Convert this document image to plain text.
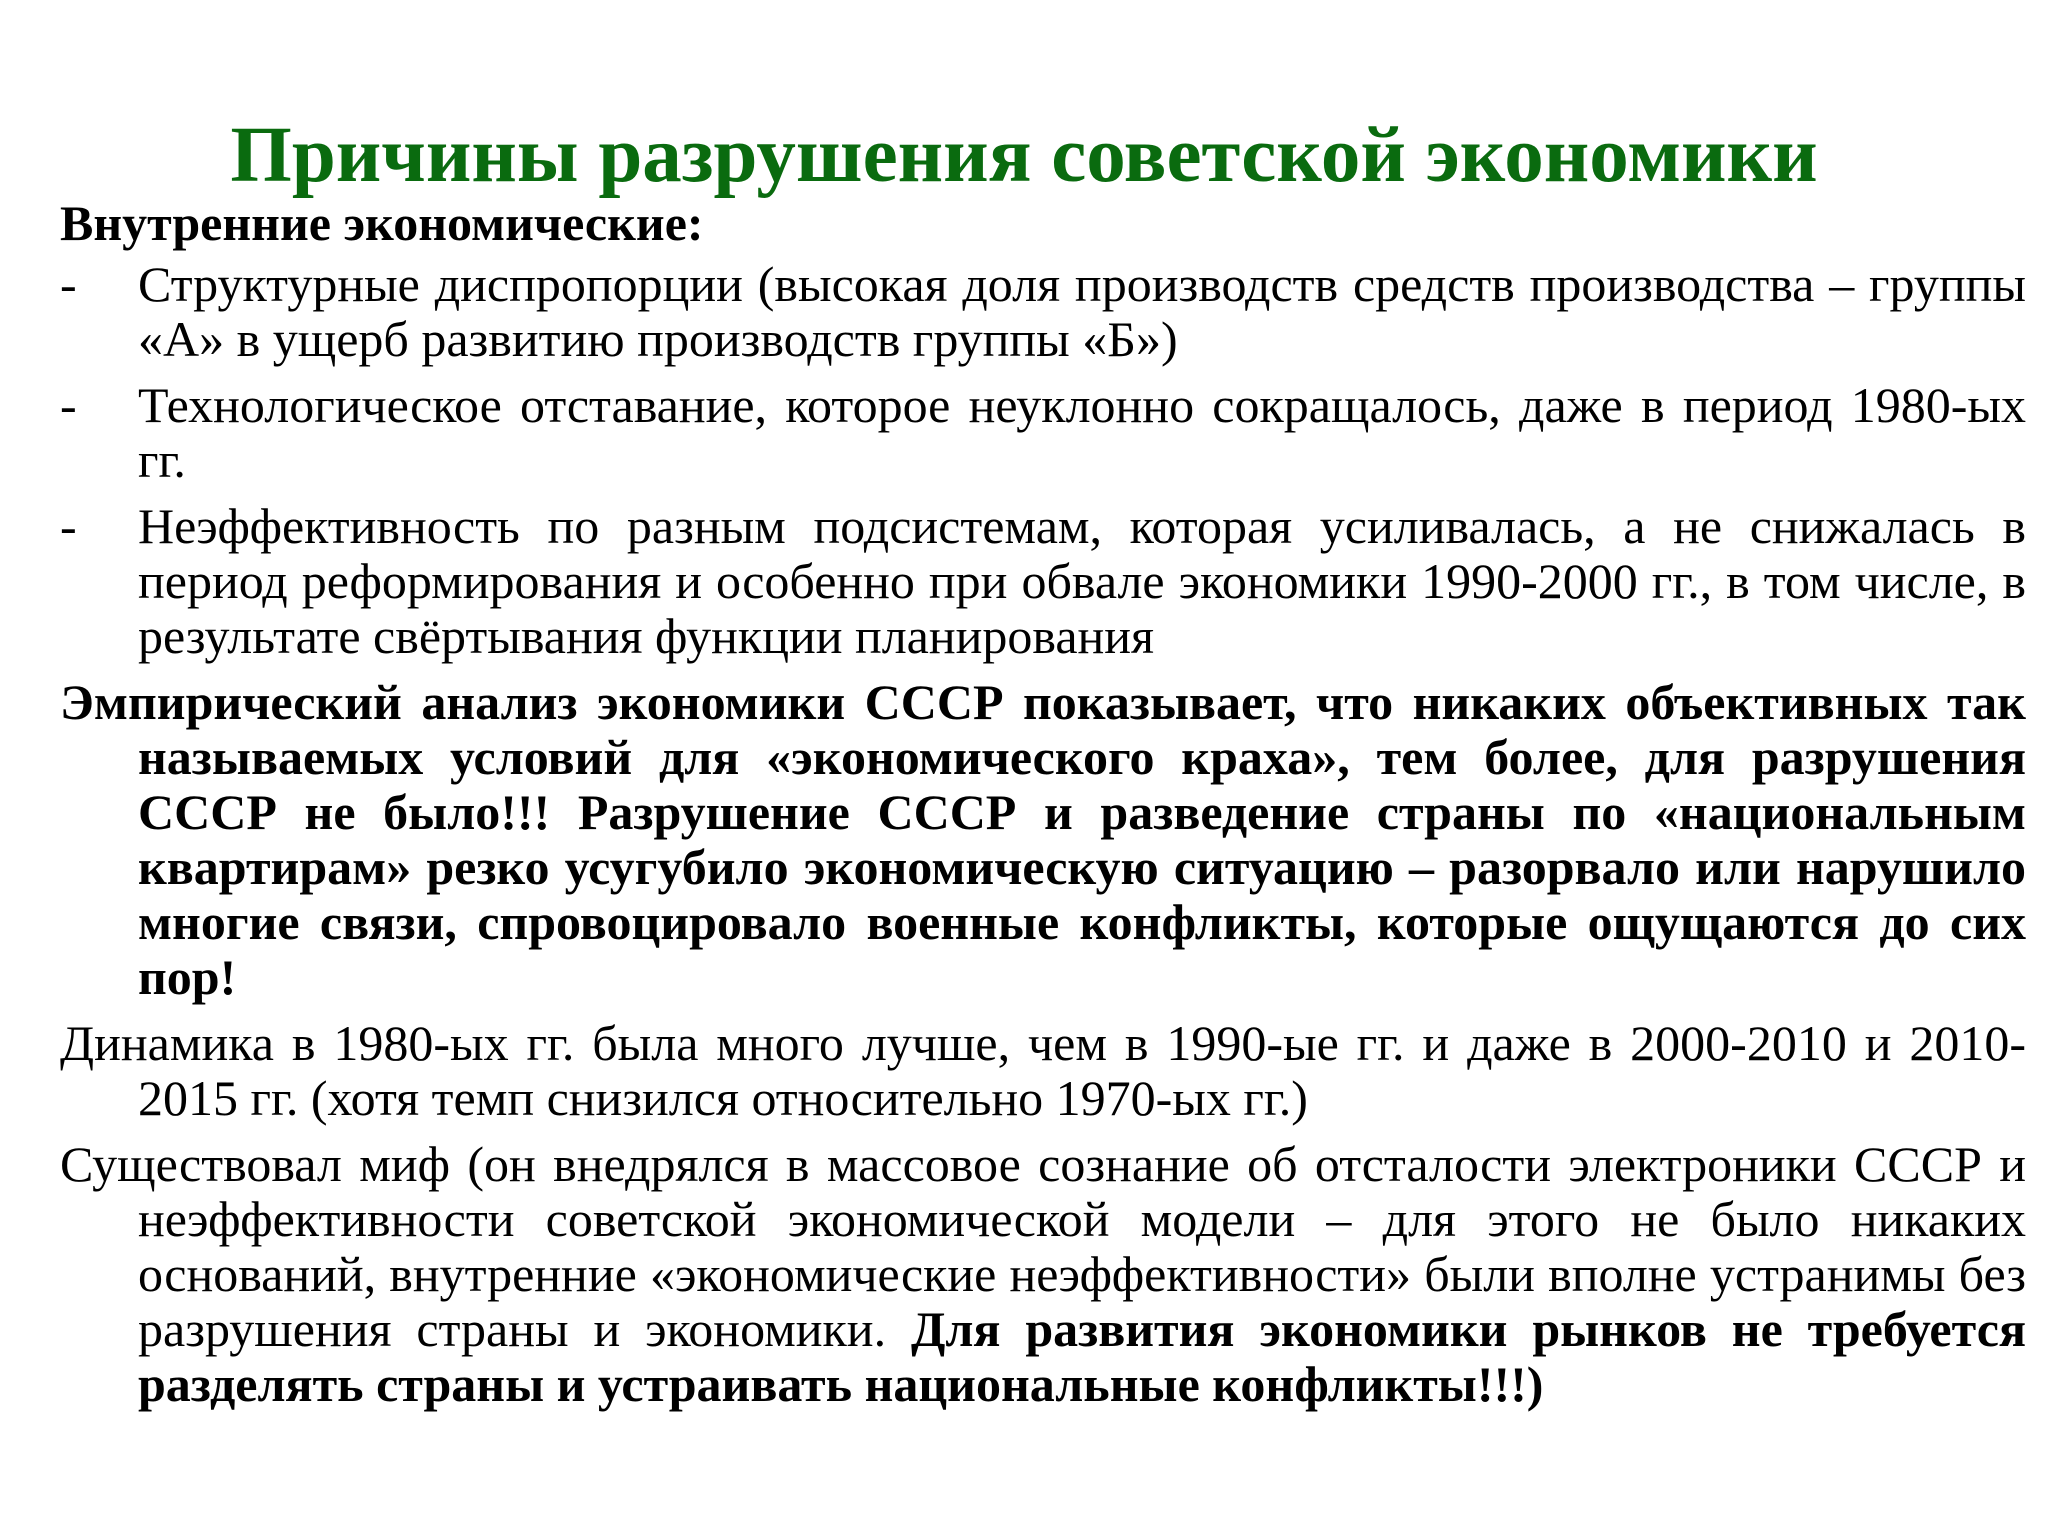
Причины разрушения советской экономики
Внутренние экономические:
- Структурные диспропорции (высокая доля производств средств производства – группы «А» в ущерб развитию производств группы «Б»)
- Технологическое отставание, которое неуклонно сокращалось, даже в период 1980-ых гг.
- Неэффективность по разным подсистемам, которая усиливалась, а не снижалась в период реформирования и особенно при обвале экономики 1990-2000 гг., в том числе, в результате свёртывания функции планирования
Эмпирический анализ экономики СССР показывает, что никаких объективных так называемых условий для «экономического краха», тем более, для разрушения СССР не было!!! Разрушение СССР и разведение страны по «национальным квартирам» резко усугубило экономическую ситуацию – разорвало или нарушило многие связи, спровоцировало военные конфликты, которые ощущаются до сих пор!
Динамика в 1980-ых гг. была много лучше, чем в 1990-ые гг. и даже в 2000-2010 и 2010-2015 гг. (хотя темп снизился относительно 1970-ых гг.)
Существовал миф (он внедрялся в массовое сознание об отсталости электроники СССР и неэффективности советской экономической модели – для этого не было никаких оснований, внутренние «экономические неэффективности» были вполне устранимы без разрушения страны и экономики. Для развития экономики рынков не требуется разделять страны и устраивать национальные конфликты!!!)
